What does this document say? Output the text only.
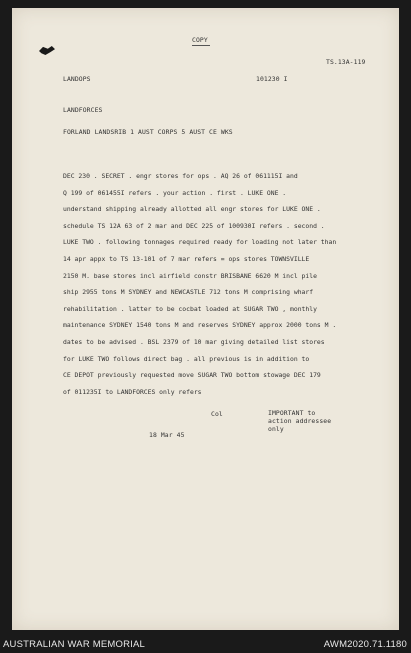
COPY
TS.13A-119
LANDOPS	101230 I
LANDFORCES
FORLAND LANDSRIB 1 AUST CORPS 5 AUST CE WKS
DEC 230 . SECRET . engr stores for ops . AQ 26 of 061115I and
Q 199 of 061455I refers . your action . first . LUKE ONE .
understand shipping already allotted all engr stores for LUKE ONE .
schedule TS 12A 63 of 2 mar and DEC 225 of 100930I refers . second .
LUKE TWO . following tonnages required ready for loading not later than
14 apr appx to TS 13-101 of 7 mar refers = ops stores TOWNSVILLE
2150 M. base stores incl airfield constr BRISBANE 6620 M incl pile
ship 2955 tons M SYDNEY and NEWCASTLE 712 tons M comprising wharf
rehabilitation . latter to be cocbat loaded at SUGAR TWO , monthly
maintenance SYDNEY 1540 tons M and reserves SYDNEY approx 2000 tons M .
dates to be advised . BSL 2379 of 10 mar giving detailed list stores
for LUKE TWO follows direct bag . all previous is in addition to
CE DEPOT previously requested move SUGAR TWO bottom stowage DEC 179
of 011235I to LANDFORCES only refers
Col
18 Mar 45
IMPORTANT to
action addressee
only
AUSTRALIAN WAR MEMORIAL	AWM2020.71.1180
